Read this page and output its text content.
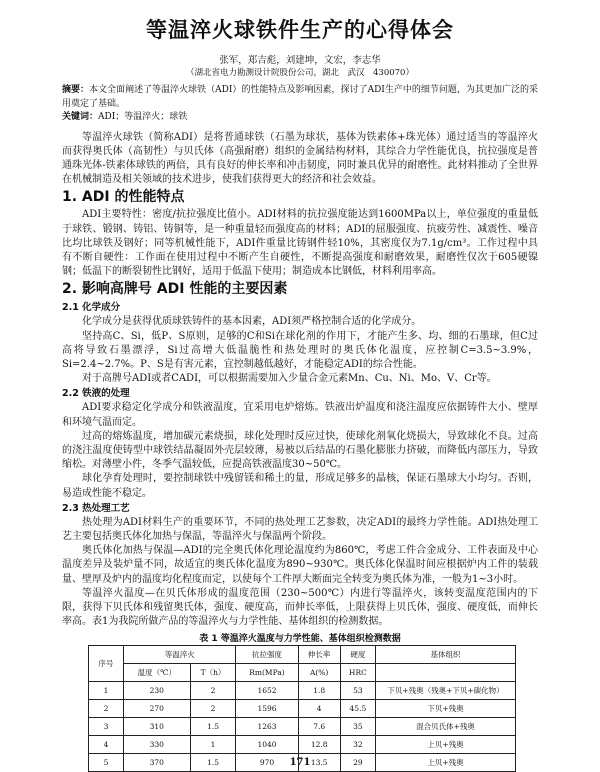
等温淬火球铁件生产的心得体会
张军，郑吉彪，刘建坤，文宏，李志华
（湖北省电力勘测设计院股份公司，湖北　武汉　430070）

摘要：本文全面阐述了等温淬火球铁（ADI）的性能特点及影响因素，探讨了ADI生产中的细节问题，为其更加广泛的采用奠定了基础。

关键词：ADI；等温淬火；球铁

等温淬火球铁（简称ADI）是将普通球铁（石墨为球状，基体为铁素体+珠光体）通过适当的等温淬火而获得奥氏体（高韧性）与贝氏体（高强耐磨）组织的金属结构材料，其综合力学性能优良，抗拉强度是普通珠光体-铁素体球铁的两倍，具有良好的伸长率和冲击韧度，同时兼具优异的耐磨性。此材料推动了全世界在机械制造及相关领域的技术进步，使我们获得更大的经济和社会效益。

1. ADI 的性能特点

ADI主要特性：密度/抗拉强度比值小。ADI材料的抗拉强度能达到1600MPa以上，单位强度的重量低于球铁、锻钢、铸铝、铸铜等，是一种重量轻而强度高的材料；ADI的屈服强度、抗疲劳性、减震性、噪音比均比球铁及钢好；同等机械性能下，ADI件重量比铸钢件轻10%，其密度仅为7.1g/cm³。工作过程中具有不断自硬性：工作面在使用过程中不断产生自硬性，不断提高强度和耐磨效果，耐磨性仅次于605硬镍钢；低温下的断裂韧性比钢好，适用于低温下使用；制造成本比钢低，材料利用率高。

2. 影响高牌号 ADI 性能的主要因素
2.1 化学成分

化学成分是获得优质球铁铸件的基本因素，ADI须严格控制合适的化学成分。

坚持高C、Si，低P、S原则，足够的C和Si在球化剂的作用下，才能产生多、均、细的石墨球，但C过高将导致石墨漂浮，Si过高增大低温脆性和热处理时的奥氏体化温度，应控制C=3.5~3.9%，Si=2.4~2.7%。P、S是有害元素，宜控制越低越好，才能稳定ADI的综合性能。

对于高牌号ADI或者CADI，可以根据需要加入少量合金元素Mn、Cu、Ni、Mo、V、Cr等。

2.2 铁液的处理

ADI要求稳定化学成分和铁液温度，宜采用电炉熔炼。铁液出炉温度和浇注温度应依据铸件大小、壁厚和环境气温而定。

过高的熔炼温度，增加碳元素烧损，球化处理时反应过快，使球化剂氧化烧损大，导致球化不良。过高的浇注温度使铸型中球铁结晶凝固外壳层较薄，易被以后结晶的石墨化膨胀力挤破，而降低内部压力，导致缩松。对薄壁小件，冬季气温较低，应提高铁液温度30~50℃。

球化孕育处理时，要控制球铁中残留镁和稀土的量，形成足够多的晶核，保证石墨球大小均匀。否则，易造成性能不稳定。

2.3 热处理工艺

热处理为ADI材料生产的重要环节，不同的热处理工艺参数，决定ADI的最终力学性能。ADI热处理工艺主要包括奥氏体化加热与保温，等温淬火与保温两个阶段。

奥氏体化加热与保温—ADI的完全奥氏体化理论温度约为860℃，考虑工件合金成分、工件表面及中心温度差异及装炉量不同，故适宜的奥氏体化温度为890~930℃。奥氏体化保温时间应根据炉内工件的装载量、壁厚及炉内的温度均化程度而定，以使每个工件厚大断面完全转变为奥氏体为准，一般为1~3小时。

等温淬火温度—在贝氏体形成的温度范围（230~500℃）内进行等温淬火，该转变温度范围内的下限，获得下贝氏体和残留奥氏体，强度、硬度高，而伸长率低，上限获得上贝氏体，强度、硬度低，而伸长率高。表1为我院所做产品的等温淬火与力学性能、基体组织的检测数据。

表 1 等温淬火温度与力学性能、基体组织检测数据
序号	等温淬火		抗拉强度	伸长率	硬度	基体组织
	温度（℃）	T（h）	Rm(MPa)	A(%)	HRC	
1	230	2	1652	1.8	53	下贝+残奥（残奥+下贝+碳化物）
2	270	2	1596	4	45.5	下贝+残奥
3	310	1.5	1263	7.6	35	混合贝氏体+残奥
4	330	1	1040	12.8	32	上贝+残奥
5	370	1.5	970	13.5	29	上贝+残奥
171
